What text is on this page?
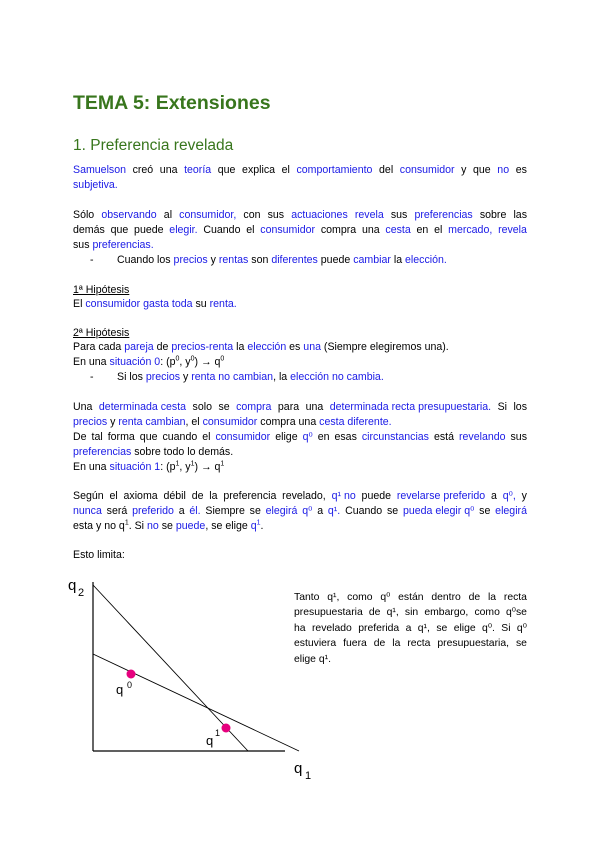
TEMA 5: Extensiones
1. Preferencia revelada
Samuelson creó una teoría que explica el comportamiento del consumidor y que no es
subjetiva.
Sólo observando al consumidor, con sus actuaciones revela sus preferencias sobre las
demás que puede elegir. Cuando el consumidor compra una cesta en el mercado, revela
sus preferencias.
- Cuando los precios y rentas son diferentes puede cambiar la elección.
1ª Hipótesis
El consumidor gasta toda su renta.
2ª Hipótesis
Para cada pareja de precios-renta la elección es una (Siempre elegiremos una).
En una situación 0: ($p^0$, $y^0) \to q^0$
- Si los precios y renta no cambian, la elección no cambia.
Una determinada cesta solo se compra para una determinada recta presupuestaria. Si los
precios y renta cambian, el consumidor compra una cesta diferente.
De tal forma que cuando el consumidor elige q⁰ en esas circunstancias está revelando sus
preferencias sobre todo lo demás.
En una situación 1: ($p^1$, $y^1) \to q^1$
Según el axioma débil de la preferencia revelado, q¹ no puede revelarse preferido a q⁰, y
nunca será preferido a él. Siempre se elegirá q⁰ a q¹. Cuando se pueda elegir q⁰ se elegirá
esta y no $q^1$. Si no se puede, se elige $q^1$.
Esto limita:
q 2
q 1
q 0
q 1
Tanto q¹, como q⁰ están dentro de la recta
presupuestaria de q¹, sin embargo, como q⁰se
ha revelado preferida a q¹, se elige q⁰. Si q⁰
estuviera fuera de la recta presupuestaria, se
elige q¹.
